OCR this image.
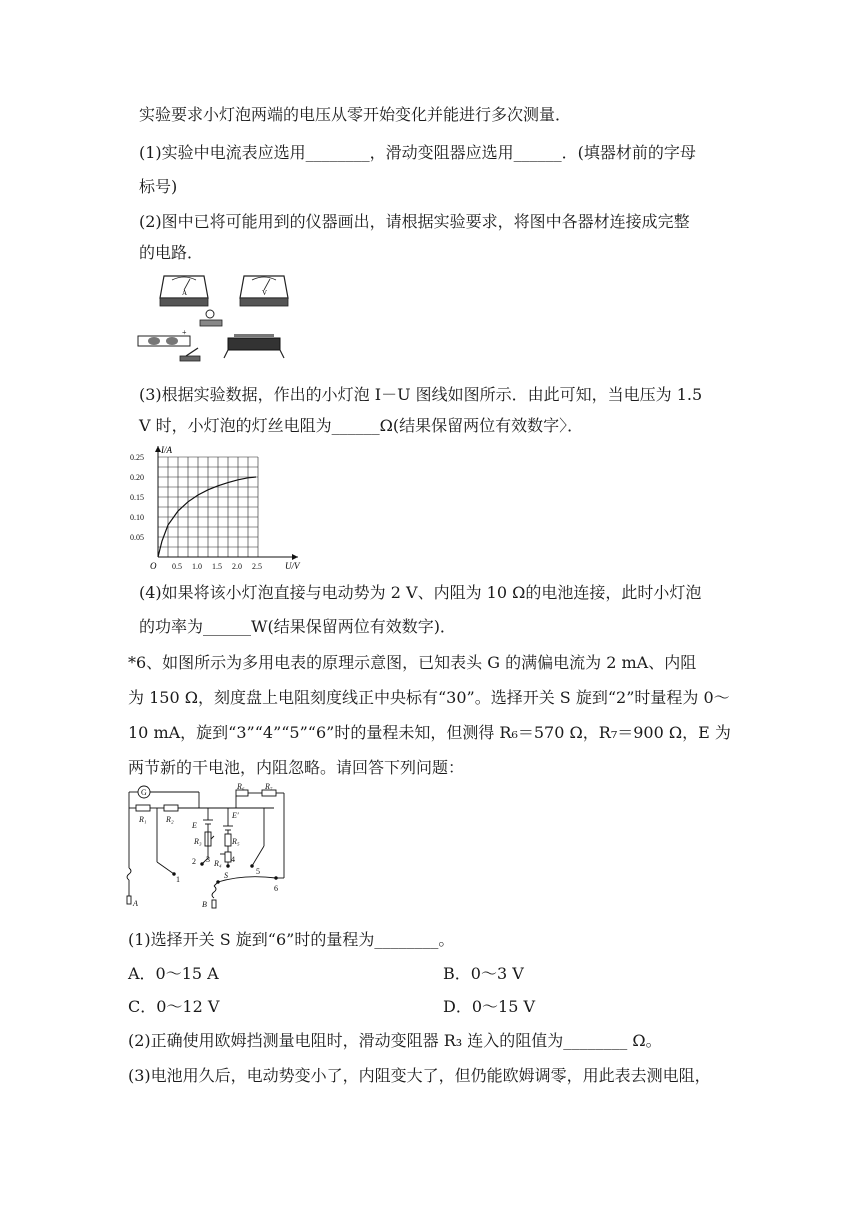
实验要求小灯泡两端的电压从零开始变化并能进行多次测量．
(1)实验中电流表应选用________，滑动变阻器应选用______．(填器材前的字母
标号)
(2)图中已将可能用到的仪器画出，请根据实验要求，将图中各器材连接成完整
的电路．
A	V
+
(3)根据实验数据，作出的小灯泡 I－U 图线如图所示．由此可知，当电压为 1.5
V 时，小灯泡的灯丝电阻为______Ω(结果保留两位有效数字〉．
0.5 1.0 1.5 2.0 2.5
0.05
0.10
0.15
0.20
0.25
I/A
U/V
O
(4)如果将该小灯泡直接与电动势为 2 V、内阻为 10 Ω的电池连接，此时小灯泡
的功率为______W(结果保留两位有效数字)．
*6、如图所示为多用电表的原理示意图，已知表头 G 的满偏电流为 2 mA、内阻
为 150 Ω，刻度盘上电阻刻度线正中央标有“30”。选择开关 S 旋到“2”时量程为 0～
10 mA，旋到“3”“4”“5”“6”时的量程未知，但测得 R₆＝570 Ω，R₇＝900 Ω，E 为
两节新的干电池，内阻忽略。请回答下列问题：
G
R₁ R₂
E
R₃
E′
R₅
R₄
R₆	R₇
1
2 3	4
5
6
S
A	B
(1)选择开关 S 旋到“6”时的量程为________。
A．0～15 A	B．0～3 V
C．0～12 V	D．0～15 V
(2)正确使用欧姆挡测量电阻时，滑动变阻器 R₃ 连入的阻值为________ Ω。
(3)电池用久后，电动势变小了，内阻变大了，但仍能欧姆调零，用此表去测电阻，
